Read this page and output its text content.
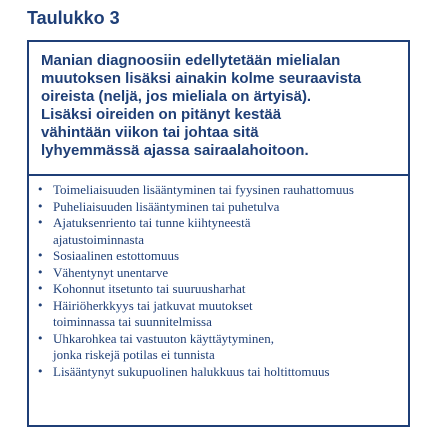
Taulukko 3
Manian diagnoosiin edellytetään mielialan
muutoksen lisäksi ainakin kolme seuraavista
oireista (neljä, jos mieliala on ärtyisä).
Lisäksi oireiden on pitänyt kestää
vähintään viikon tai johtaa sitä
lyhyemmässä ajassa sairaalahoitoon.
• Toimeliaisuuden lisääntyminen tai fyysinen rauhattomuus
• Puheliaisuuden lisääntyminen tai puhetulva
• Ajatuksenriento tai tunne kiihtyneestä
ajatustoiminnasta
• Sosiaalinen estottomuus
• Vähentynyt unentarve
• Kohonnut itsetunto tai suuruusharhat
• Häiriöherkkyys tai jatkuvat muutokset
toiminnassa tai suunnitelmissa
• Uhkarohkea tai vastuuton käyttäytyminen,
jonka riskejä potilas ei tunnista
• Lisääntynyt sukupuolinen halukkuus tai holtittomuus
